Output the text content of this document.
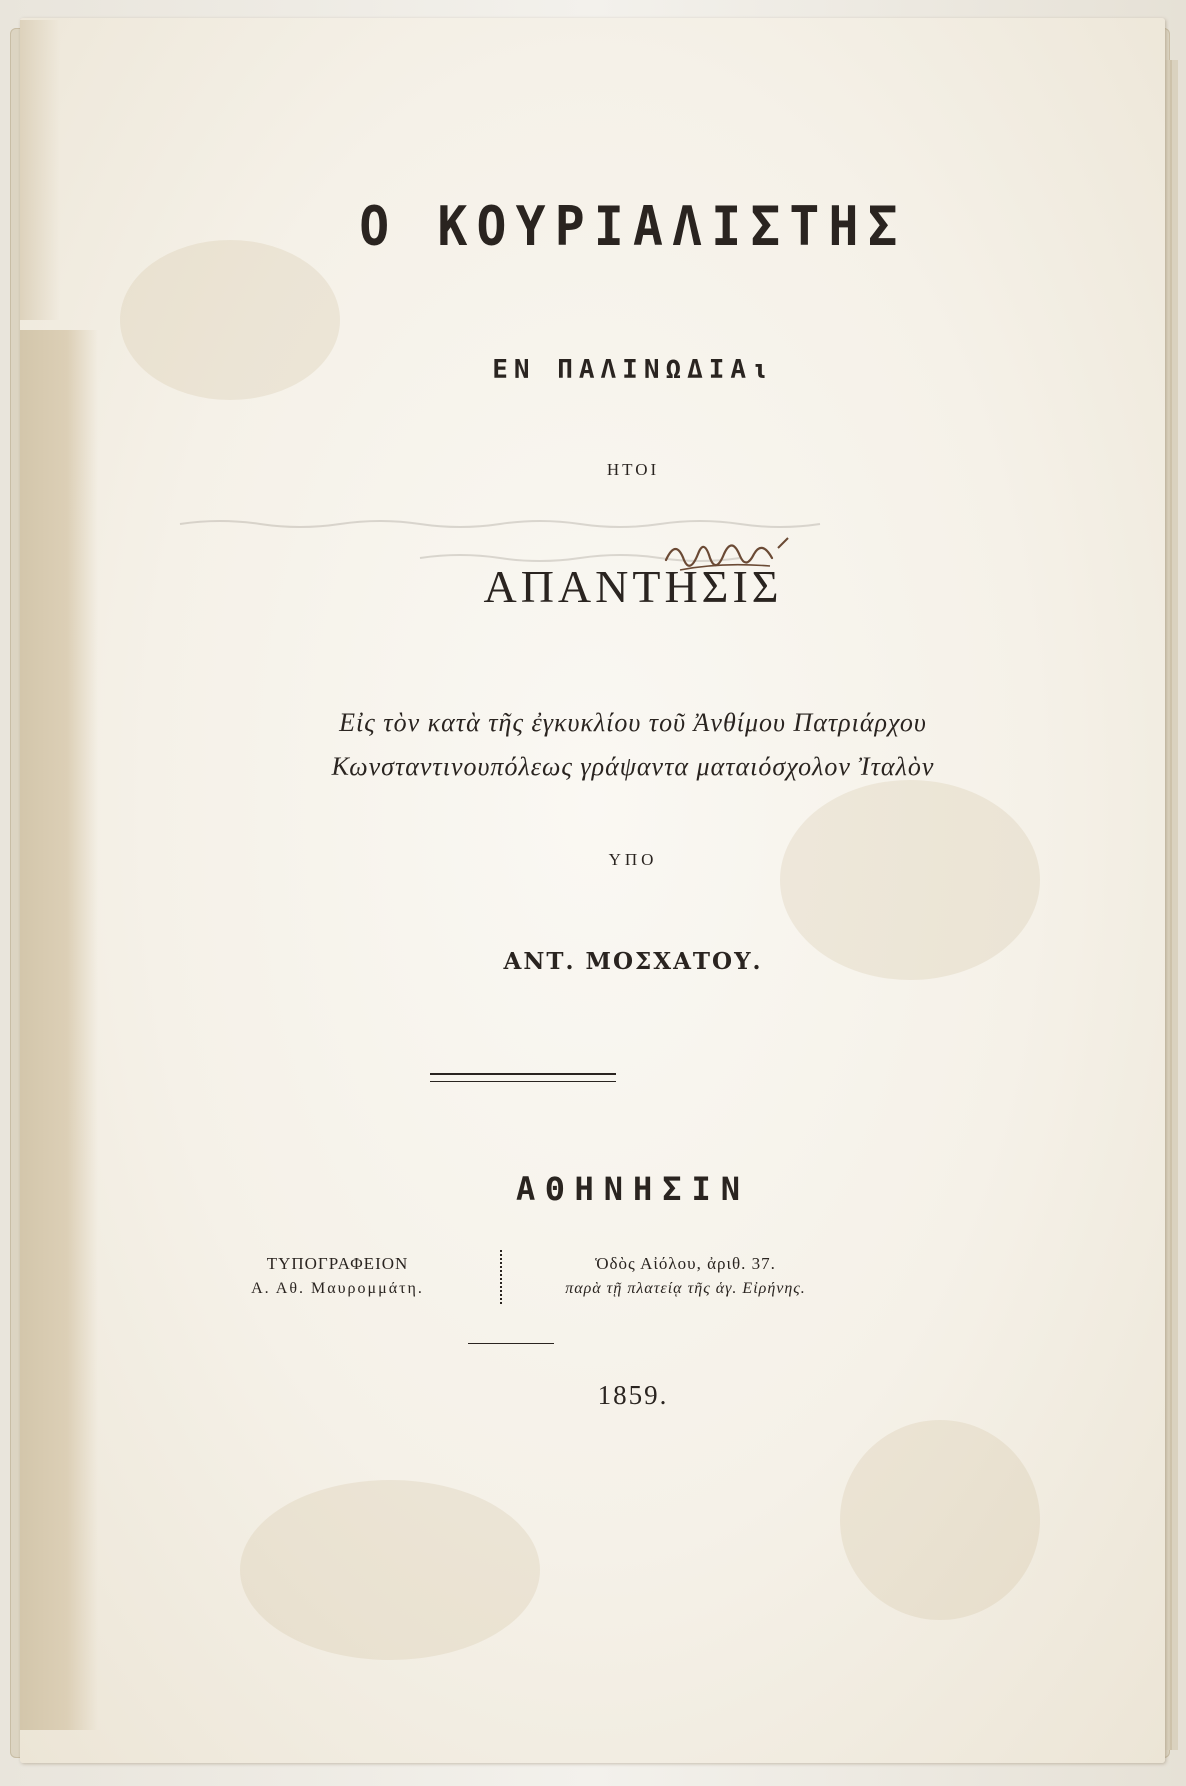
Ο ΚΟΥΡΙΑΛΙΣΤΗΣ
ΕΝ ΠΑΛΙΝΩΔΙΑι
ΗΤΟΙ
ΑΠΑΝΤΗΣΙΣ
Εἰς τὸν κατὰ τῆς ἐγκυκλίου τοῦ Ἀνθίμου Πατριάρχου
Κωνσταντινουπόλεως γράψαντα ματαιόσχολον Ἰταλὸν
ΥΠΟ
ΑΝΤ. ΜΟΣΧΑΤΟΥ.
ΑΘΗΝΗΣΙΝ
ΤΥΠΟΓΡΑΦΕΙΟΝ
Α. Αθ. Μαυρομμάτη.
Ὁδὸς Αἰόλου, ἀριθ. 37.
παρὰ τῇ πλατείᾳ τῆς ἁγ. Εἰρήνης.
1859.
